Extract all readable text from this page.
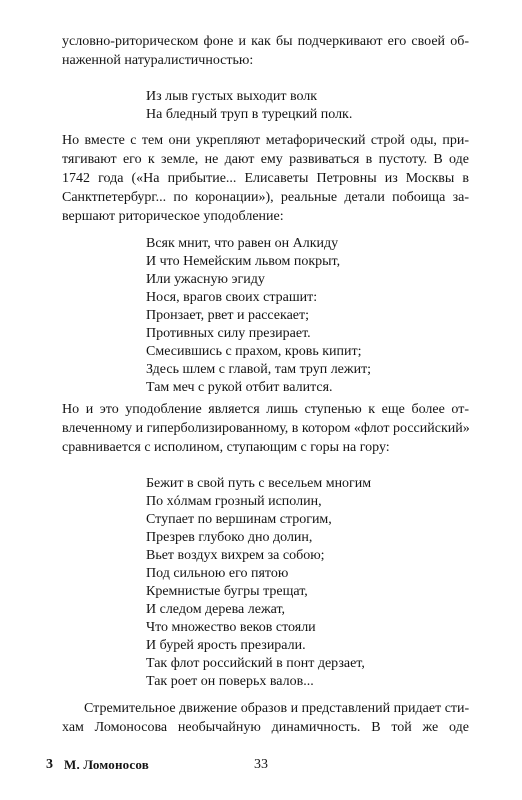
условно-риторическом фоне и как бы подчеркивают его своей об-
наженной натуралистичностью:
Из лыв густых выходит волк
На бледный труп в турецкий полк.
Но вместе с тем они укрепляют метафорический строй оды, при-
тягивают его к земле, не дают ему развиваться в пустоту. В оде
1742 года («На прибытие... Елисаветы Петровны из Москвы в
Санктпетербург... по коронации»), реальные детали побоища за-
вершают риторическое уподобление:
Всяк мнит, что равен он Алкиду
И что Немейским львом покрыт,
Или ужасную эгиду
Нося, врагов своих страшит:
Пронзает, рвет и рассекает;
Противных силу презирает.
Смесившись с прахом, кровь кипит;
Здесь шлем с главой, там труп лежит;
Там меч с рукой отбит валится.
Но и это уподобление является лишь ступенью к еще более от-
влеченному и гиперболизированному, в котором «флот российский»
сравнивается с исполином, ступающим с горы на гору:
Бежит в свой путь с весельем многим
По хóлмам грозный исполин,
Ступает по вершинам строгим,
Презрев глубоко дно долин,
Вьет воздух вихрем за собою;
Под сильною его пятою
Кремнистые бугры трещат,
И следом дерева лежат,
Что множество веков стояли
И бурей ярость презирали.
Так флот российский в понт дерзает,
Так роет он поверьх валов...
Стремительное движение образов и представлений придает сти-
хам Ломоносова необычайную динамичность. В той же оде
3 М. Ломоносов	33
